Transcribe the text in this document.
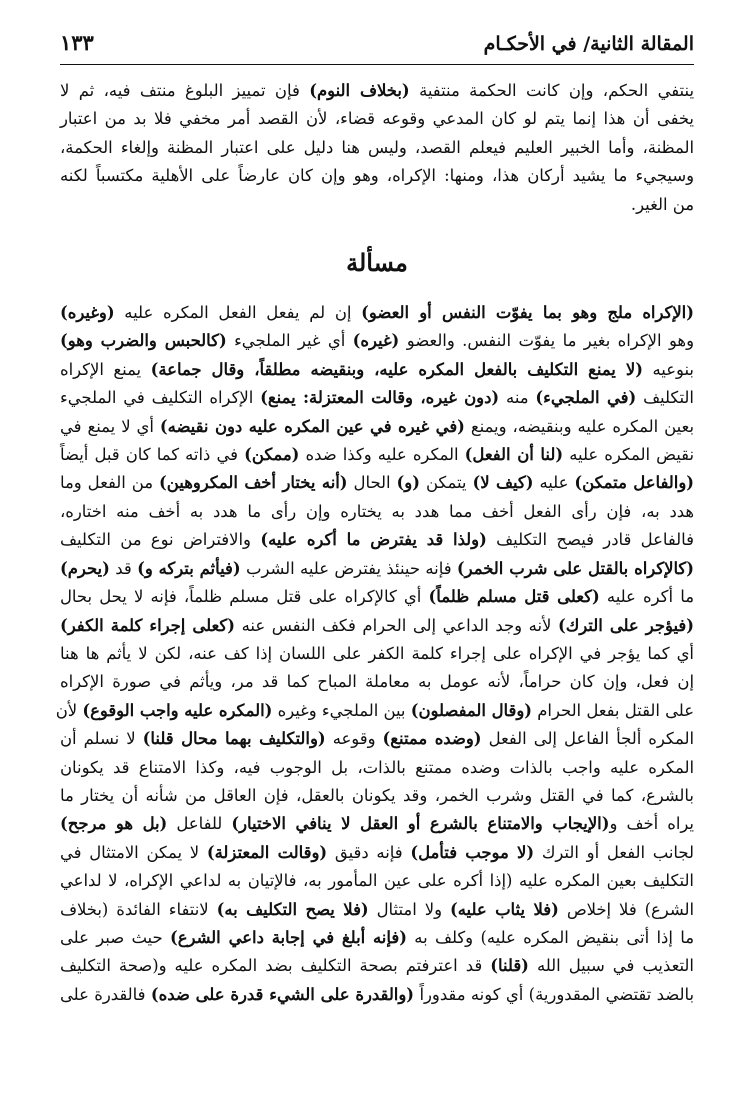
المقالة الثانية/ في الأحكـام
١٣٣
ينتفي الحكم، وإن كانت الحكمة منتفية (بخلاف النوم) فإن تمييز البلوغ منتف فيه، ثم لا
يخفى أن هذا إنما يتم لو كان المدعي وقوعه قضاء، لأن القصد أمر مخفي فلا بد من اعتبار
المظنة، وأما الخبير العليم فيعلم القصد، وليس هنا دليل على اعتبار المظنة وإلغاء الحكمة،
وسيجيء ما يشيد أركان هذا، ومنها: الإكراه، وهو وإن كان عارضاً على الأهلية مكتسباً لكنه
من الغير.
مسألة
(الإكراه ملج وهو بما يفوّت النفس أو العضو) إن لم يفعل الفعل المكره عليه (وغيره)
وهو الإكراه بغير ما يفوّت النفس. والعضو (غيره) أي غير الملجيء (كالحبس والضرب وهو)
بنوعيه (لا يمنع التكليف بالفعل المكره عليه، وبنقيضه مطلقاً، وقال جماعة) يمنع الإكراه
التكليف (في الملجيء) منه (دون غيره، وقالت المعتزلة: يمنع) الإكراه التكليف في الملجيء
بعين المكره عليه وبنقيضه، ويمنع (في غيره في عين المكره عليه دون نقيضه) أي لا يمنع في
نقيض المكره عليه (لنا أن الفعل) المكره عليه وكذا ضده (ممكن) في ذاته كما كان قبل أيضاً
(والفاعل متمكن) عليه (كيف لا) يتمكن (و) الحال (أنه يختار أخف المكروهين) من الفعل وما
هدد به، فإن رأى الفعل أخف مما هدد به يختاره وإن رأى ما هدد به أخف منه اختاره،
فالفاعل قادر فيصح التكليف (ولذا قد يفترض ما أكره عليه) والافتراض نوع من التكليف
(كالإكراه بالقتل على شرب الخمر) فإنه حينئذ يفترض عليه الشرب (فيأثم بتركه و) قد (يحرم)
ما أكره عليه (كعلى قتل مسلم ظلماً) أي كالإكراه على قتل مسلم ظلماً، فإنه لا يحل بحال
(فيؤجر على الترك) لأنه وجد الداعي إلى الحرام فكف النفس عنه (كعلى إجراء كلمة الكفر)
أي كما يؤجر في الإكراه على إجراء كلمة الكفر على اللسان إذا كف عنه، لكن لا يأثم ها هنا
إن فعل، وإن كان حراماً، لأنه عومل به معاملة المباح كما قد مر، ويأثم في صورة الإكراه
على القتل بفعل الحرام (وقال المفصلون) بين الملجيء وغيره (المكره عليه واجب الوقوع) لأن
المكره ألجأ الفاعل إلى الفعل (وضده ممتنع) وقوعه (والتكليف بهما محال قلنا) لا نسلم أن
المكره عليه واجب بالذات وضده ممتنع بالذات، بل الوجوب فيه، وكذا الامتناع قد يكونان
بالشرع، كما في القتل وشرب الخمر، وقد يكونان بالعقل، فإن العاقل من شأنه أن يختار ما
يراه أخف و(الإيجاب والامتناع بالشرع أو العقل لا ينافي الاختيار) للفاعل (بل هو مرجح)
لجانب الفعل أو الترك (لا موجب فتأمل) فإنه دقيق (وقالت المعتزلة) لا يمكن الامتثال في
التكليف بعين المكره عليه (إذا أكره على عين المأمور به، فالإتيان به لداعي الإكراه، لا لداعي
الشرع) فلا إخلاص (فلا يثاب عليه) ولا امتثال (فلا يصح التكليف به) لانتفاء الفائدة (بخلاف
ما إذا أتى بنقيض المكره عليه) وكلف به (فإنه أبلغ في إجابة داعي الشرع) حيث صبر على
التعذيب في سبيل الله (قلنا) قد اعترفتم بصحة التكليف بضد المكره عليه و(صحة التكليف
بالضد تقتضي المقدورية) أي كونه مقدوراً (والقدرة على الشيء قدرة على ضده) فالقدرة على
